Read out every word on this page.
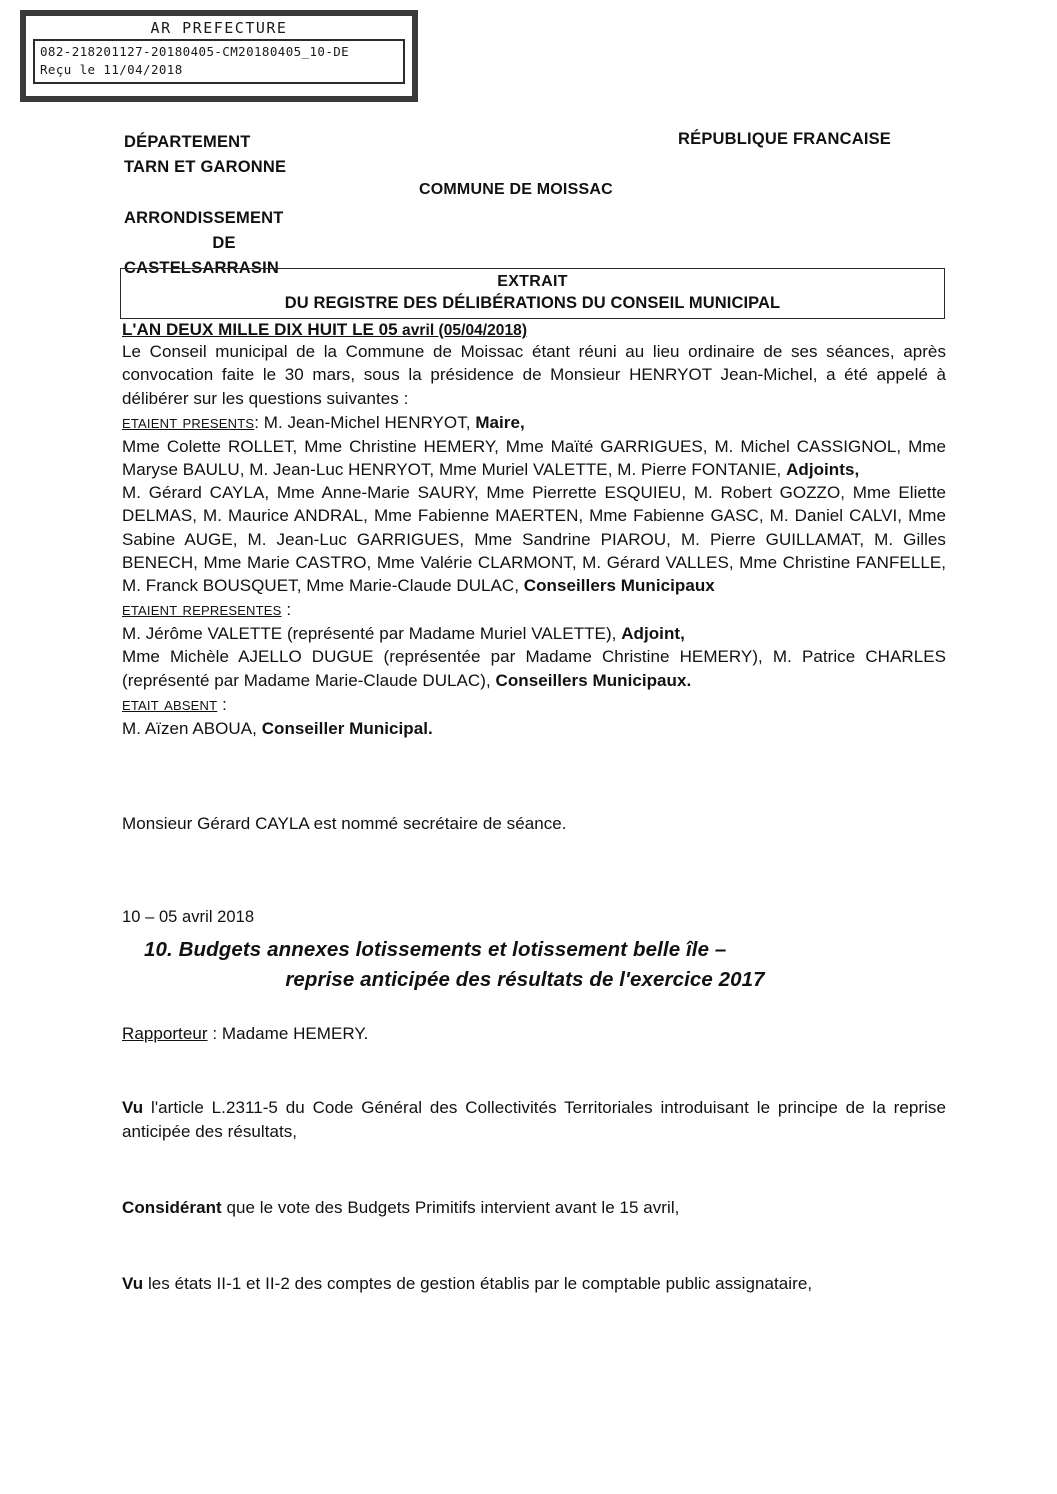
AR PREFECTURE
082-218201127-20180405-CM20180405_10-DE
Reçu le 11/04/2018
DÉPARTEMENT
TARN ET GARONNE
ARRONDISSEMENT
DE
CASTELSARRASIN
RÉPUBLIQUE FRANCAISE
COMMUNE DE MOISSAC
EXTRAIT
DU REGISTRE DES DÉLIBÉRATIONS DU CONSEIL MUNICIPAL

L'AN DEUX MILLE DIX HUIT LE 05 avril (05/04/2018)

Le Conseil municipal de la Commune de Moissac étant réuni au lieu ordinaire de ses séances, après convocation faite le 30 mars, sous la présidence de Monsieur HENRYOT Jean-Michel, a été appelé à délibérer sur les questions suivantes :

etaient presents: M. Jean-Michel HENRYOT, Maire,

Mme Colette ROLLET, Mme Christine HEMERY, Mme Maïté GARRIGUES, M. Michel CASSIGNOL, Mme Maryse BAULU, M. Jean-Luc HENRYOT, Mme Muriel VALETTE, M. Pierre FONTANIE, Adjoints,

M. Gérard CAYLA, Mme Anne-Marie SAURY, Mme Pierrette ESQUIEU, M. Robert GOZZO, Mme Eliette DELMAS, M. Maurice ANDRAL, Mme Fabienne MAERTEN, Mme Fabienne GASC, M. Daniel CALVI, Mme Sabine AUGE, M. Jean-Luc GARRIGUES, Mme Sandrine PIAROU, M. Pierre GUILLAMAT, M. Gilles BENECH, Mme Marie CASTRO, Mme Valérie CLARMONT, M. Gérard VALLES, Mme Christine FANFELLE, M. Franck BOUSQUET, Mme Marie-Claude DULAC, Conseillers Municipaux

etaient representes :

M. Jérôme VALETTE (représenté par Madame Muriel VALETTE), Adjoint,

Mme Michèle AJELLO DUGUE (représentée par Madame Christine HEMERY), M. Patrice CHARLES (représenté par Madame Marie-Claude DULAC), Conseillers Municipaux.

etait absent :

M. Aïzen ABOUA, Conseiller Municipal.

Monsieur Gérard CAYLA est nommé secrétaire de séance.

10 – 05 avril 2018

10. Budgets annexes lotissements et lotissement belle île –
reprise anticipée des résultats de l'exercice 2017

Rapporteur : Madame HEMERY.

Vu l'article L.2311-5 du Code Général des Collectivités Territoriales introduisant le principe de la reprise anticipée des résultats,

Considérant que le vote des Budgets Primitifs intervient avant le 15 avril,

Vu les états II-1 et II-2 des comptes de gestion établis par le comptable public assignataire,
